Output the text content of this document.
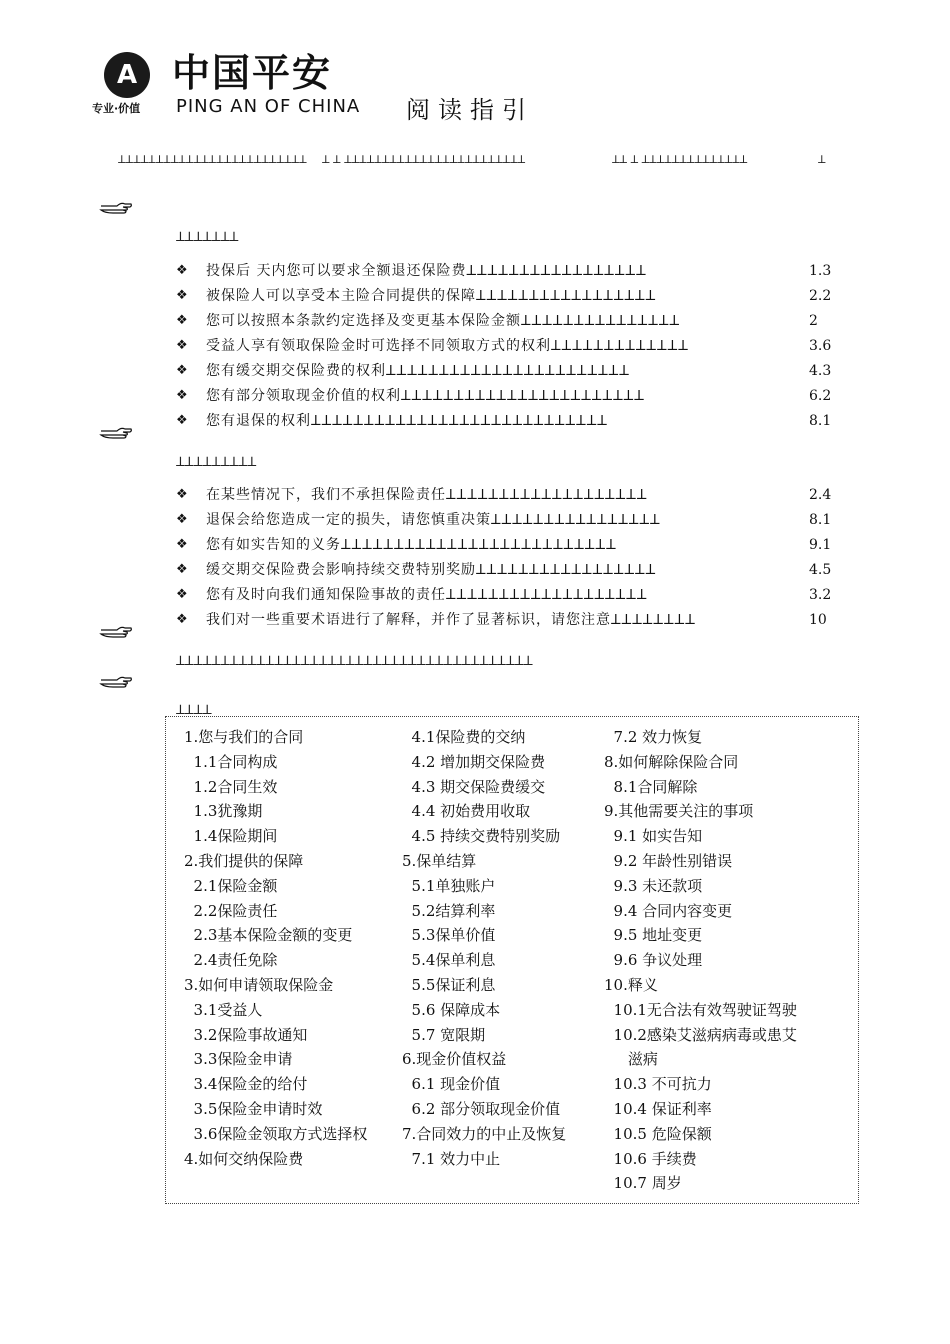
A 中国平安
专业·价值 PING AN OF CHINA 阅读指引
𝈜𝈜𝈜𝈜𝈜𝈜𝈜𝈜𝈜𝈜𝈜𝈜𝈜𝈜𝈜𝈜𝈜𝈜𝈜𝈜𝈜𝈜𝈜𝈜𝈜 𝈜 𝈜 𝈜𝈜𝈜𝈜𝈜𝈜𝈜𝈜𝈜𝈜𝈜𝈜𝈜𝈜𝈜𝈜𝈜𝈜𝈜𝈜𝈜𝈜𝈜𝈜	𝈜𝈜 𝈜 𝈜𝈜𝈜𝈜𝈜𝈜𝈜𝈜𝈜𝈜𝈜𝈜𝈜𝈜	𝈜
𝈜𝈜𝈜𝈜𝈜𝈜𝈜
❖ 投保后 天内您可以要求全额退还保险费𝈜𝈜𝈜𝈜𝈜𝈜𝈜𝈜𝈜𝈜𝈜𝈜𝈜𝈜𝈜𝈜𝈜	1.3
❖ 被保险人可以享受本主险合同提供的保障𝈜𝈜𝈜𝈜𝈜𝈜𝈜𝈜𝈜𝈜𝈜𝈜𝈜𝈜𝈜𝈜𝈜	2.2
❖ 您可以按照本条款约定选择及变更基本保险金额𝈜𝈜𝈜𝈜𝈜𝈜𝈜𝈜𝈜𝈜𝈜𝈜𝈜𝈜𝈜	2
❖ 受益人享有领取保险金时可选择不同领取方式的权利𝈜𝈜𝈜𝈜𝈜𝈜𝈜𝈜𝈜𝈜𝈜𝈜𝈜	3.6
❖ 您有缓交期交保险费的权利𝈜𝈜𝈜𝈜𝈜𝈜𝈜𝈜𝈜𝈜𝈜𝈜𝈜𝈜𝈜𝈜𝈜𝈜𝈜𝈜𝈜𝈜𝈜	4.3
❖ 您有部分领取现金价值的权利𝈜𝈜𝈜𝈜𝈜𝈜𝈜𝈜𝈜𝈜𝈜𝈜𝈜𝈜𝈜𝈜𝈜𝈜𝈜𝈜𝈜𝈜𝈜	6.2
❖ 您有退保的权利𝈜𝈜𝈜𝈜𝈜𝈜𝈜𝈜𝈜𝈜𝈜𝈜𝈜𝈜𝈜𝈜𝈜𝈜𝈜𝈜𝈜𝈜𝈜𝈜𝈜𝈜𝈜𝈜	8.1
𝈜𝈜𝈜𝈜𝈜𝈜𝈜𝈜𝈜
❖ 在某些情况下，我们不承担保险责任𝈜𝈜𝈜𝈜𝈜𝈜𝈜𝈜𝈜𝈜𝈜𝈜𝈜𝈜𝈜𝈜𝈜𝈜𝈜	2.4
❖ 退保会给您造成一定的损失，请您慎重决策𝈜𝈜𝈜𝈜𝈜𝈜𝈜𝈜𝈜𝈜𝈜𝈜𝈜𝈜𝈜𝈜	8.1
❖ 您有如实告知的义务𝈜𝈜𝈜𝈜𝈜𝈜𝈜𝈜𝈜𝈜𝈜𝈜𝈜𝈜𝈜𝈜𝈜𝈜𝈜𝈜𝈜𝈜𝈜𝈜𝈜𝈜	9.1
❖ 缓交期交保险费会影响持续交费特别奖励𝈜𝈜𝈜𝈜𝈜𝈜𝈜𝈜𝈜𝈜𝈜𝈜𝈜𝈜𝈜𝈜𝈜	4.5
❖ 您有及时向我们通知保险事故的责任𝈜𝈜𝈜𝈜𝈜𝈜𝈜𝈜𝈜𝈜𝈜𝈜𝈜𝈜𝈜𝈜𝈜𝈜𝈜	3.2
❖ 我们对一些重要术语进行了解释，并作了显著标识，请您注意𝈜𝈜𝈜𝈜𝈜𝈜𝈜𝈜	10
𝈜𝈜𝈜𝈜𝈜𝈜𝈜𝈜𝈜𝈜𝈜𝈜𝈜𝈜𝈜𝈜𝈜𝈜𝈜𝈜𝈜𝈜𝈜𝈜𝈜𝈜𝈜𝈜𝈜𝈜𝈜𝈜𝈜𝈜𝈜𝈜𝈜𝈜𝈜𝈜
𝈜𝈜𝈜𝈜
1.您与我们的合同
1.1合同构成
1.2合同生效
1.3犹豫期
1.4保险期间
2.我们提供的保障
2.1保险金额
2.2保险责任
2.3基本保险金额的变更
2.4责任免除
3.如何申请领取保险金
3.1受益人
3.2保险事故通知
3.3保险金申请
3.4保险金的给付
3.5保险金申请时效
3.6保险金领取方式选择权
4.如何交纳保险费
4.1保险费的交纳
4.2 增加期交保险费
4.3 期交保险费缓交
4.4 初始费用收取
4.5 持续交费特别奖励
5.保单结算
5.1单独账户
5.2结算利率
5.3保单价值
5.4保单利息
5.5保证利息
5.6 保障成本
5.7 宽限期
6.现金价值权益
6.1 现金价值
6.2 部分领取现金价值
7.合同效力的中止及恢复
7.1 效力中止
7.2 效力恢复
8.如何解除保险合同
8.1合同解除
9.其他需要关注的事项
9.1 如实告知
9.2 年龄性别错误
9.3 未还款项
9.4 合同内容变更
9.5 地址变更
9.6 争议处理
10.释义
10.1无合法有效驾驶证驾驶
10.2感染艾滋病病毒或患艾
滋病
10.3 不可抗力
10.4 保证利率
10.5 危险保额
10.6 手续费
10.7 周岁
